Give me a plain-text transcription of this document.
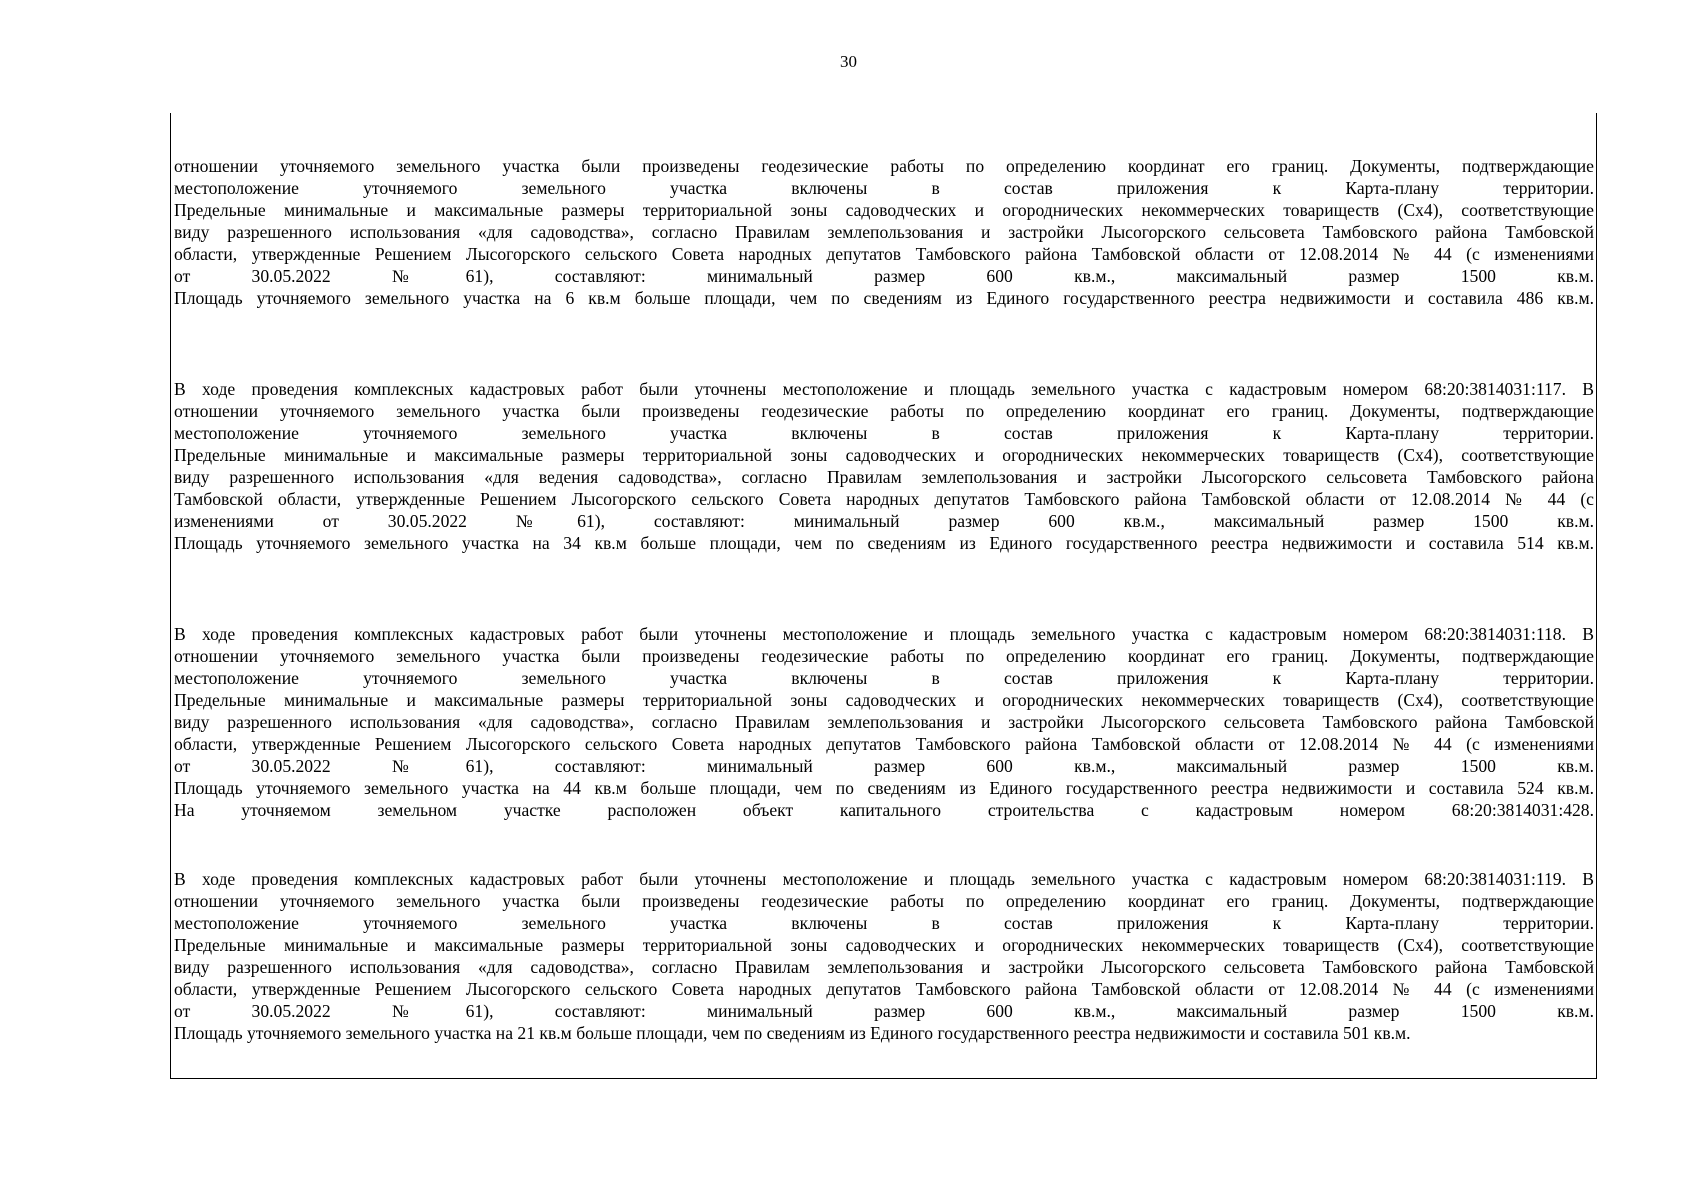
30
отношении уточняемого земельного участка были произведены геодезические работы по определению координат его границ. Документы, подтверждающие
местоположение уточняемого земельного участка включены в состав приложения к Карта-плану территории.
Предельные минимальные и максимальные размеры территориальной зоны садоводческих и огороднических некоммерческих товариществ (Сх4), соответствующие
виду разрешенного использования «для садоводства», согласно Правилам землепользования и застройки Лысогорского сельсовета Тамбовского района Тамбовской
области, утвержденные Решением Лысогорского сельского Совета народных депутатов Тамбовского района Тамбовской области от 12.08.2014 № 44 (с изменениями
от 30.05.2022 №61), составляют: минимальный размер 600 кв.м., максимальный размер 1500 кв.м.
Площадь уточняемого земельного участка на 6 кв.м больше площади, чем по сведениям из Единого государственного реестра недвижимости и составила 486 кв.м.
В ходе проведения комплексных кадастровых работ были уточнены местоположение и площадь земельного участка с кадастровым номером 68:20:3814031:117. В
отношении уточняемого земельного участка были произведены геодезические работы по определению координат его границ. Документы, подтверждающие
местоположение уточняемого земельного участка включены в состав приложения к Карта-плану территории.
Предельные минимальные и максимальные размеры территориальной зоны садоводческих и огороднических некоммерческих товариществ (Сх4), соответствующие
виду разрешенного использования «для ведения садоводства», согласно Правилам землепользования и застройки Лысогорского сельсовета Тамбовского района
Тамбовской области, утвержденные Решением Лысогорского сельского Совета народных депутатов Тамбовского района Тамбовской области от 12.08.2014 № 44 (с
изменениями от 30.05.2022 №61), составляют: минимальный размер 600 кв.м., максимальный размер 1500 кв.м.
Площадь уточняемого земельного участка на 34 кв.м больше площади, чем по сведениям из Единого государственного реестра недвижимости и составила 514 кв.м.
В ходе проведения комплексных кадастровых работ были уточнены местоположение и площадь земельного участка с кадастровым номером 68:20:3814031:118. В
отношении уточняемого земельного участка были произведены геодезические работы по определению координат его границ. Документы, подтверждающие
местоположение уточняемого земельного участка включены в состав приложения к Карта-плану территории.
Предельные минимальные и максимальные размеры территориальной зоны садоводческих и огороднических некоммерческих товариществ (Сх4), соответствующие
виду разрешенного использования «для садоводства», согласно Правилам землепользования и застройки Лысогорского сельсовета Тамбовского района Тамбовской
области, утвержденные Решением Лысогорского сельского Совета народных депутатов Тамбовского района Тамбовской области от 12.08.2014 № 44 (с изменениями
от 30.05.2022 №61), составляют: минимальный размер 600 кв.м., максимальный размер 1500 кв.м.
Площадь уточняемого земельного участка на 44 кв.м больше площади, чем по сведениям из Единого государственного реестра недвижимости и составила 524 кв.м.
На уточняемом земельном участке расположен объект капитального строительства с кадастровым номером 68:20:3814031:428.
В ходе проведения комплексных кадастровых работ были уточнены местоположение и площадь земельного участка с кадастровым номером 68:20:3814031:119. В
отношении уточняемого земельного участка были произведены геодезические работы по определению координат его границ. Документы, подтверждающие
местоположение уточняемого земельного участка включены в состав приложения к Карта-плану территории.
Предельные минимальные и максимальные размеры территориальной зоны садоводческих и огороднических некоммерческих товариществ (Сх4), соответствующие
виду разрешенного использования «для садоводства», согласно Правилам землепользования и застройки Лысогорского сельсовета Тамбовского района Тамбовской
области, утвержденные Решением Лысогорского сельского Совета народных депутатов Тамбовского района Тамбовской области от 12.08.2014 № 44 (с изменениями
от 30.05.2022 №61), составляют: минимальный размер 600 кв.м., максимальный размер 1500 кв.м.
Площадь уточняемого земельного участка на 21 кв.м больше площади, чем по сведениям из Единого государственного реестра недвижимости и составила 501 кв.м.
